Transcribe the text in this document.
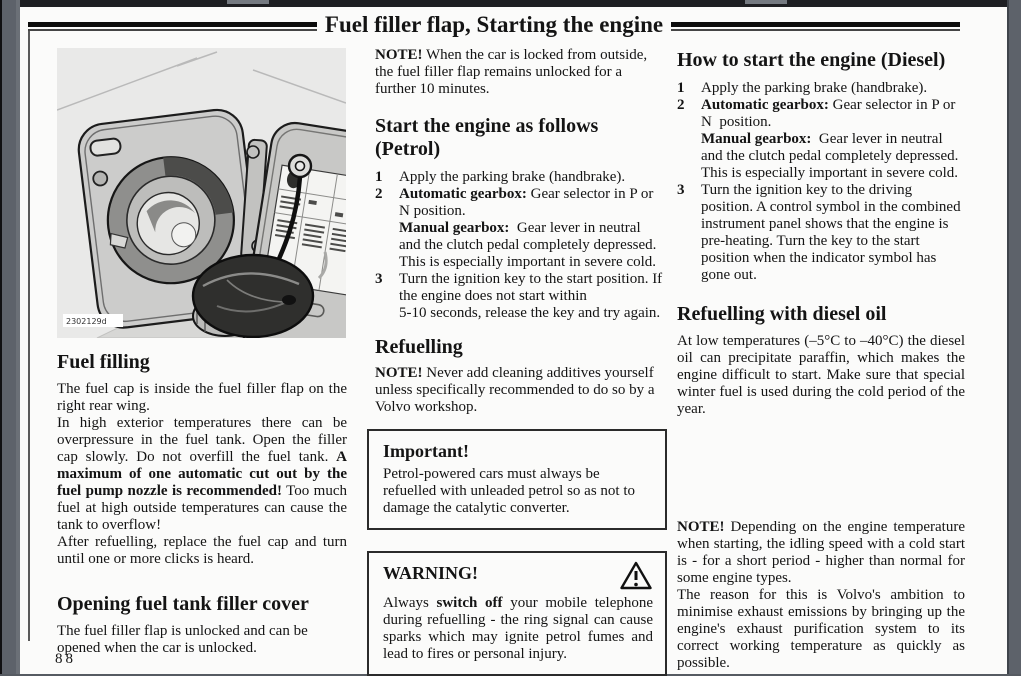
Fuel filler flap, Starting the engine
2302129d
Fuel filling
The fuel cap is inside the fuel filler flap on the right rear wing.
In high exterior temperatures there can be overpressure in the fuel tank. Open the filler cap slowly. Do not overfill the fuel tank. A maximum of one automatic cut out by the fuel pump nozzle is recommended! Too much fuel at high outside temperatures can cause the tank to overflow!
After refuelling, replace the fuel cap and turn until one or more clicks is heard.
Opening fuel tank filler cover
The fuel filler flap is unlocked and can be opened when the car is unlocked.
NOTE! When the car is locked from outside, the fuel filler flap remains unlocked for a further 10 minutes.
Start the engine as follows (Petrol)
1	Apply the parking brake (handbrake).
2	Automatic gearbox: Gear selector in P or N position.
Manual gearbox:  Gear lever in neutral and the clutch pedal completely depressed. This is especially important in severe cold.
3	Turn the ignition key to the start position. If the engine does not start within
5-10 seconds, release the key and try again.
Refuelling
NOTE! Never add cleaning additives yourself unless specifically recommended to do so by a Volvo workshop.
Important!
Petrol-powered cars must always be refuelled with unleaded petrol so as not to damage the catalytic converter.
WARNING!
Always switch off your mobile telephone during refuelling - the ring signal can cause sparks which may ignite petrol fumes and lead to fires or personal injury.
How to start the engine (Diesel)
1	Apply the parking brake (handbrake).
2	Automatic gearbox: Gear selector in P or N  position.
Manual gearbox:  Gear lever in neutral and the clutch pedal completely depressed. This is especially important in severe cold.
3	Turn the ignition key to the driving position. A control symbol in the combined instrument panel shows that the engine is pre-heating. Turn the key to the start position when the indicator symbol has gone out.
Refuelling with diesel oil
At low temperatures (–5°C to –40°C) the diesel oil can precipitate paraffin, which makes the engine difficult to start. Make sure that special winter fuel is used during the cold period of the year.
NOTE! Depending on the engine temperature when starting, the idling speed with a cold start is - for a short period - higher than normal for some engine types.
The reason for this is Volvo's ambition to minimise exhaust emissions by bringing up the engine's exhaust purification system to its correct working temperature as quickly as possible.
88
